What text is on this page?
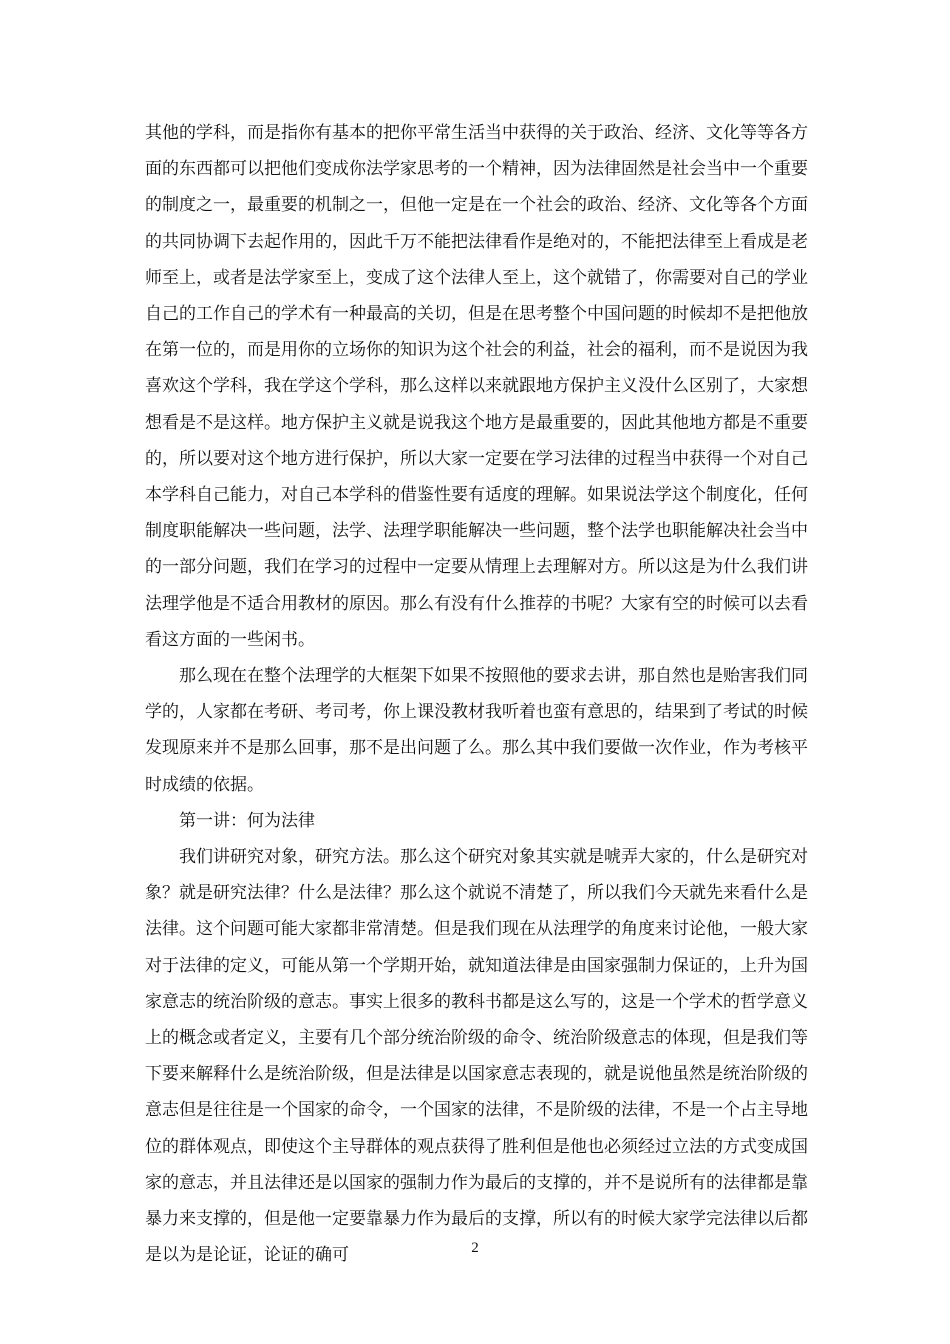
其他的学科，而是指你有基本的把你平常生活当中获得的关于政治、经济、文化等等各方面的东西都可以把他们变成你法学家思考的一个精神，因为法律固然是社会当中一个重要的制度之一，最重要的机制之一，但他一定是在一个社会的政治、经济、文化等各个方面的共同协调下去起作用的，因此千万不能把法律看作是绝对的，不能把法律至上看成是老师至上，或者是法学家至上，变成了这个法律人至上，这个就错了，你需要对自己的学业自己的工作自己的学术有一种最高的关切，但是在思考整个中国问题的时候却不是把他放在第一位的，而是用你的立场你的知识为这个社会的利益，社会的福利，而不是说因为我喜欢这个学科，我在学这个学科，那么这样以来就跟地方保护主义没什么区别了，大家想想看是不是这样。地方保护主义就是说我这个地方是最重要的，因此其他地方都是不重要的，所以要对这个地方进行保护，所以大家一定要在学习法律的过程当中获得一个对自己本学科自己能力，对自己本学科的借鉴性要有适度的理解。如果说法学这个制度化，任何制度职能解决一些问题，法学、法理学职能解决一些问题，整个法学也职能解决社会当中的一部分问题，我们在学习的过程中一定要从情理上去理解对方。所以这是为什么我们讲法理学他是不适合用教材的原因。那么有没有什么推荐的书呢？大家有空的时候可以去看看这方面的一些闲书。

那么现在在整个法理学的大框架下如果不按照他的要求去讲，那自然也是贻害我们同学的，人家都在考研、考司考，你上课没教材我听着也蛮有意思的，结果到了考试的时候发现原来并不是那么回事，那不是出问题了么。那么其中我们要做一次作业，作为考核平时成绩的依据。

第一讲：何为法律

我们讲研究对象，研究方法。那么这个研究对象其实就是唬弄大家的，什么是研究对象？就是研究法律？什么是法律？那么这个就说不清楚了，所以我们今天就先来看什么是法律。这个问题可能大家都非常清楚。但是我们现在从法理学的角度来讨论他，一般大家对于法律的定义，可能从第一个学期开始，就知道法律是由国家强制力保证的，上升为国家意志的统治阶级的意志。事实上很多的教科书都是这么写的，这是一个学术的哲学意义上的概念或者定义，主要有几个部分统治阶级的命令、统治阶级意志的体现，但是我们等下要来解释什么是统治阶级，但是法律是以国家意志表现的，就是说他虽然是统治阶级的意志但是往往是一个国家的命令，一个国家的法律，不是阶级的法律，不是一个占主导地位的群体观点，即使这个主导群体的观点获得了胜利但是他也必须经过立法的方式变成国家的意志，并且法律还是以国家的强制力作为最后的支撑的，并不是说所有的法律都是靠暴力来支撑的，但是他一定要靠暴力作为最后的支撑，所以有的时候大家学完法律以后都是以为是论证，论证的确可	2
